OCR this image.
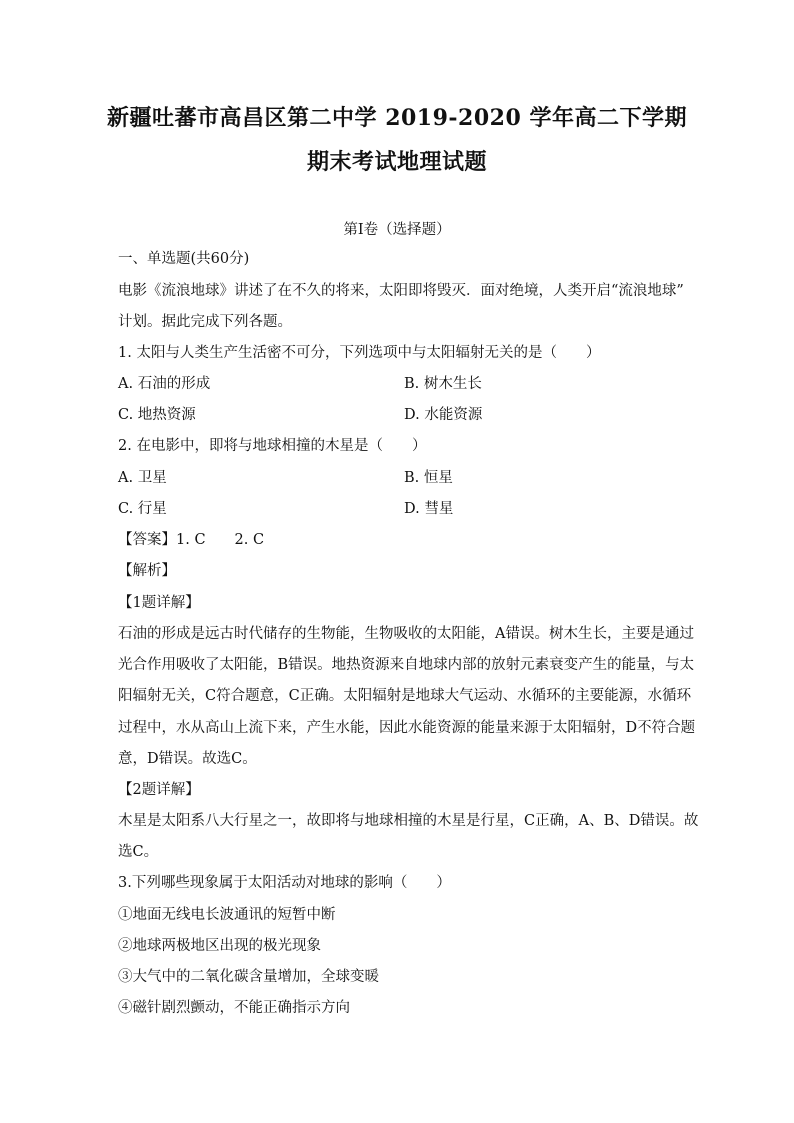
新疆吐蕃市高昌区第二中学 2019-2020 学年高二下学期
期末考试地理试题
第I卷（选择题）
一、单选题(共60分)
电影《流浪地球》讲述了在不久的将来，太阳即将毁灭．面对绝境，人类开启“流浪地球”
计划。据此完成下列各题。
1. 太阳与人类生产生活密不可分，下列选项中与太阳辐射无关的是（　　）
A. 石油的形成	B. 树木生长
C. 地热资源	D. 水能资源
2. 在电影中，即将与地球相撞的木星是（　　）
A. 卫星	B. 恒星
C. 行星	D. 彗星
【答案】1. C　　2. C
【解析】
【1题详解】
石油的形成是远古时代储存的生物能，生物吸收的太阳能，A错误。树木生长，主要是通过
光合作用吸收了太阳能，B错误。地热资源来自地球内部的放射元素衰变产生的能量，与太
阳辐射无关，C符合题意，C正确。太阳辐射是地球大气运动、水循环的主要能源，水循环
过程中，水从高山上流下来，产生水能，因此水能资源的能量来源于太阳辐射，D不符合题
意，D错误。故选C。
【2题详解】
木星是太阳系八大行星之一，故即将与地球相撞的木星是行星，C正确，A、B、D错误。故
选C。
3.下列哪些现象属于太阳活动对地球的影响（　　）
①地面无线电长波通讯的短暂中断
②地球两极地区出现的极光现象
③大气中的二氧化碳含量增加，全球变暖
④磁针剧烈颤动，不能正确指示方向
